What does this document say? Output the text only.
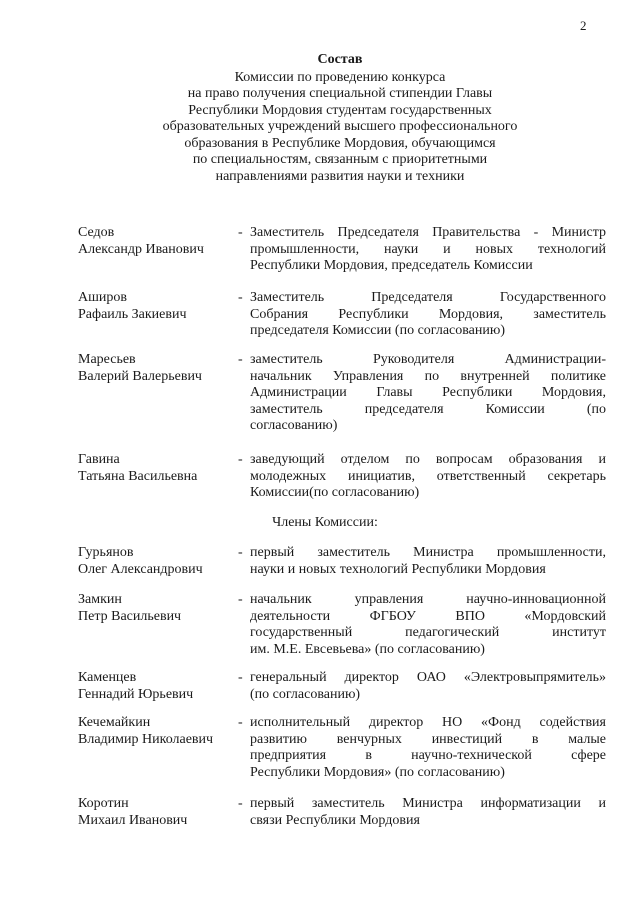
2
Состав
Комиссии по проведению конкурса
на право получения специальной стипендии Главы
Республики Мордовия студентам государственных
образовательных учреждений высшего профессионального
образования в Республике Мордовия, обучающимся
по специальностям, связанным с приоритетными
направлениями развития науки и техники
Седов
Александр Иванович
- Заместитель Председателя Правительства - Министр
промышленности, науки и новых технологий
Республики Мордовия, председатель Комиссии
Аширов
Рафаиль Закиевич
- Заместитель Председателя Государственного
Собрания Республики Мордовия, заместитель
председателя Комиссии (по согласованию)
Маресьев
Валерий Валерьевич
- заместитель Руководителя Администрации-
начальник Управления по внутренней политике
Администрации Главы Республики Мордовия,
заместитель председателя Комиссии (по
согласованию)
Гавина
Татьяна Васильевна
- заведующий отделом по вопросам образования и
молодежных инициатив, ответственный секретарь
Комиссии(по согласованию)
Члены Комиссии:
Гурьянов
Олег Александрович
- первый заместитель Министра промышленности,
науки и новых технологий Республики Мордовия
Замкин
Петр Васильевич
- начальник управления научно-инновационной
деятельности ФГБОУ ВПО «Мордовский
государственный педагогический институт
им. М.Е. Евсевьева» (по согласованию)
Каменцев
Геннадий Юрьевич
- генеральный директор ОАО «Электровыпрямитель»
(по согласованию)
Кечемайкин
Владимир Николаевич
- исполнительный директор НО «Фонд содействия
развитию венчурных инвестиций в малые
предприятия в научно-технической сфере
Республики Мордовия» (по согласованию)
Коротин
Михаил Иванович
- первый заместитель Министра информатизации и
связи Республики Мордовия
